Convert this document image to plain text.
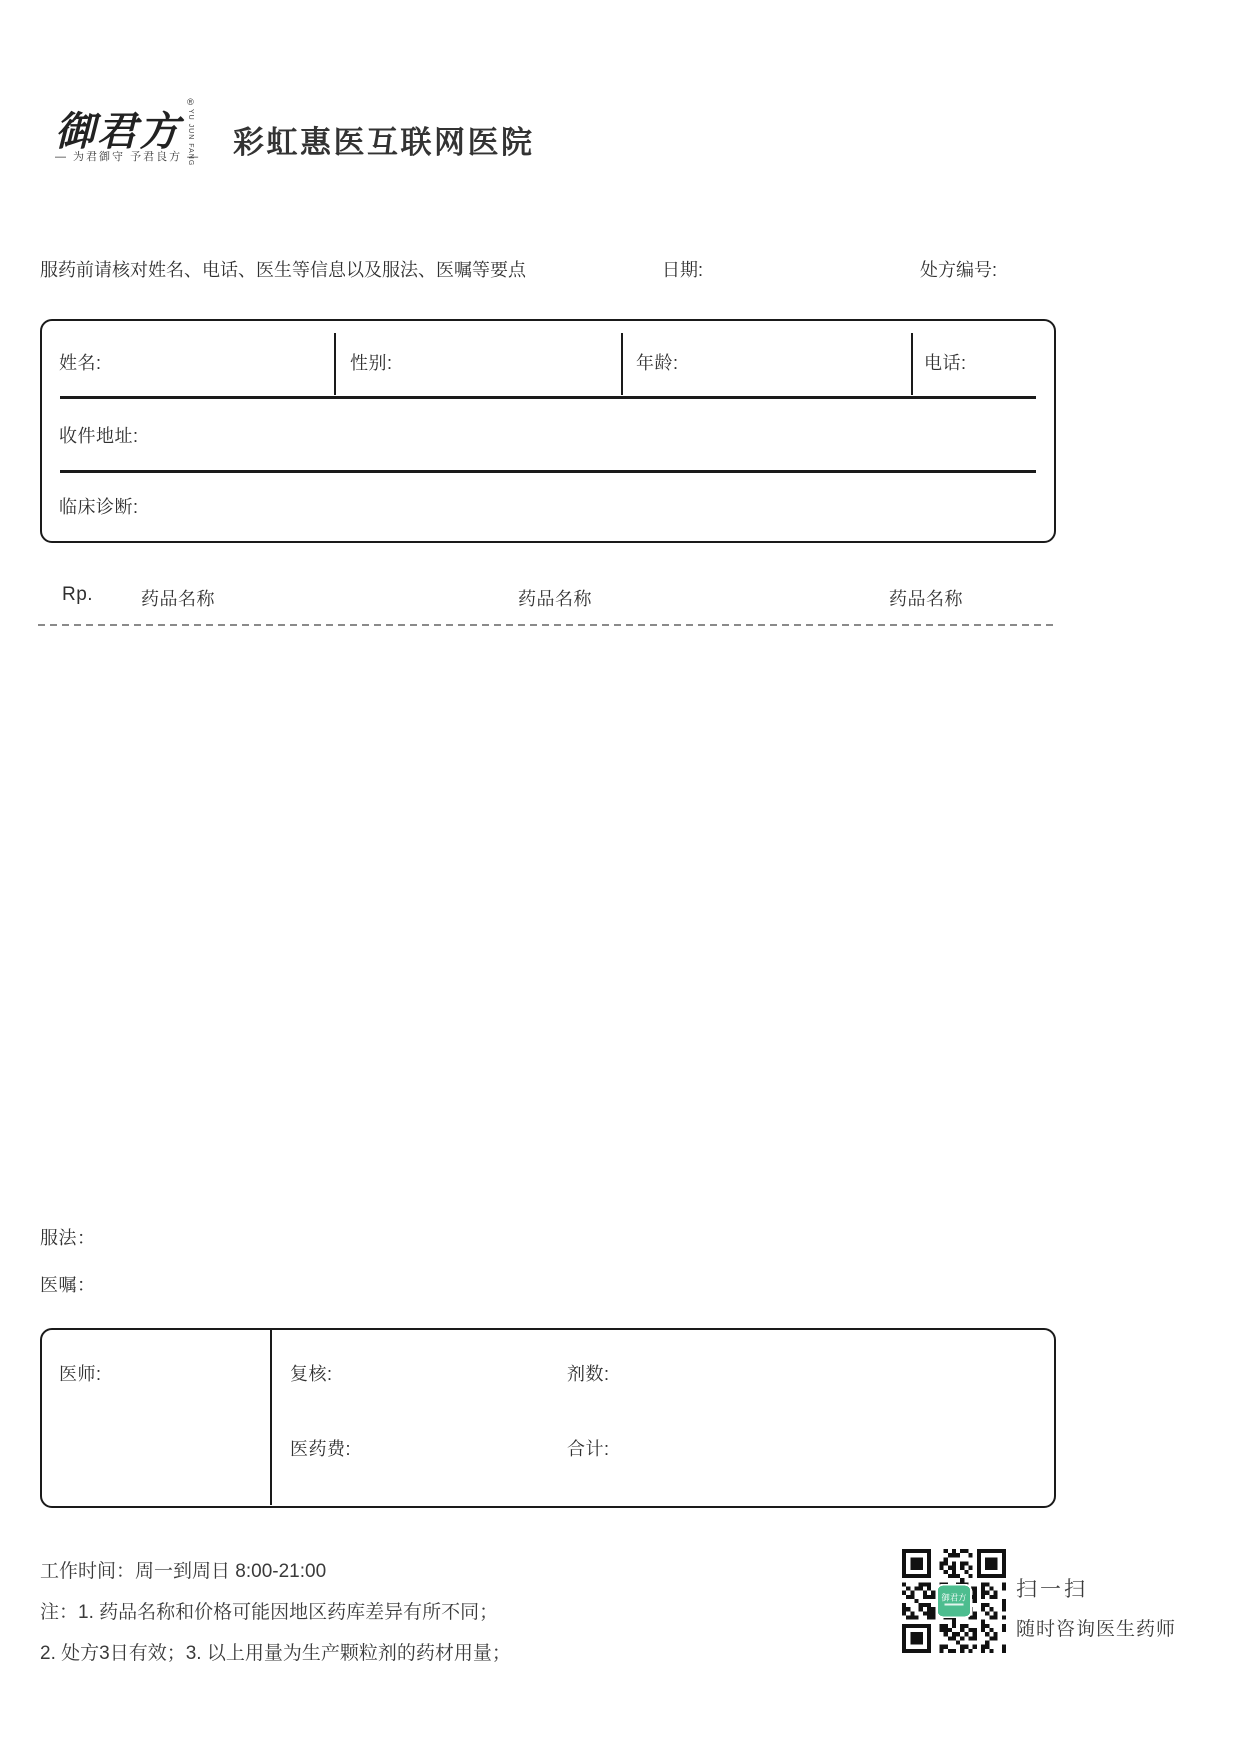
御君方
®
YU JUN FANG
— 为君御守 予君良方 — 彩虹惠医互联网医院
服药前请核对姓名、电话、医生等信息以及服法、医嘱等要点	日期:	处方编号:
姓名:	性别:	年龄:	电话:
收件地址:
临床诊断:
Rp.	药品名称	药品名称	药品名称
服法：
医嘱：
医师:	复核:	剂数:
医药费:	合计:
工作时间：周一到周日 8:00-21:00
注：1. 药品名称和价格可能因地区药库差异有所不同；
2. 处方3日有效；3. 以上用量为生产颗粒剂的药材用量；
御君方 扫一扫
随时咨询医生药师
